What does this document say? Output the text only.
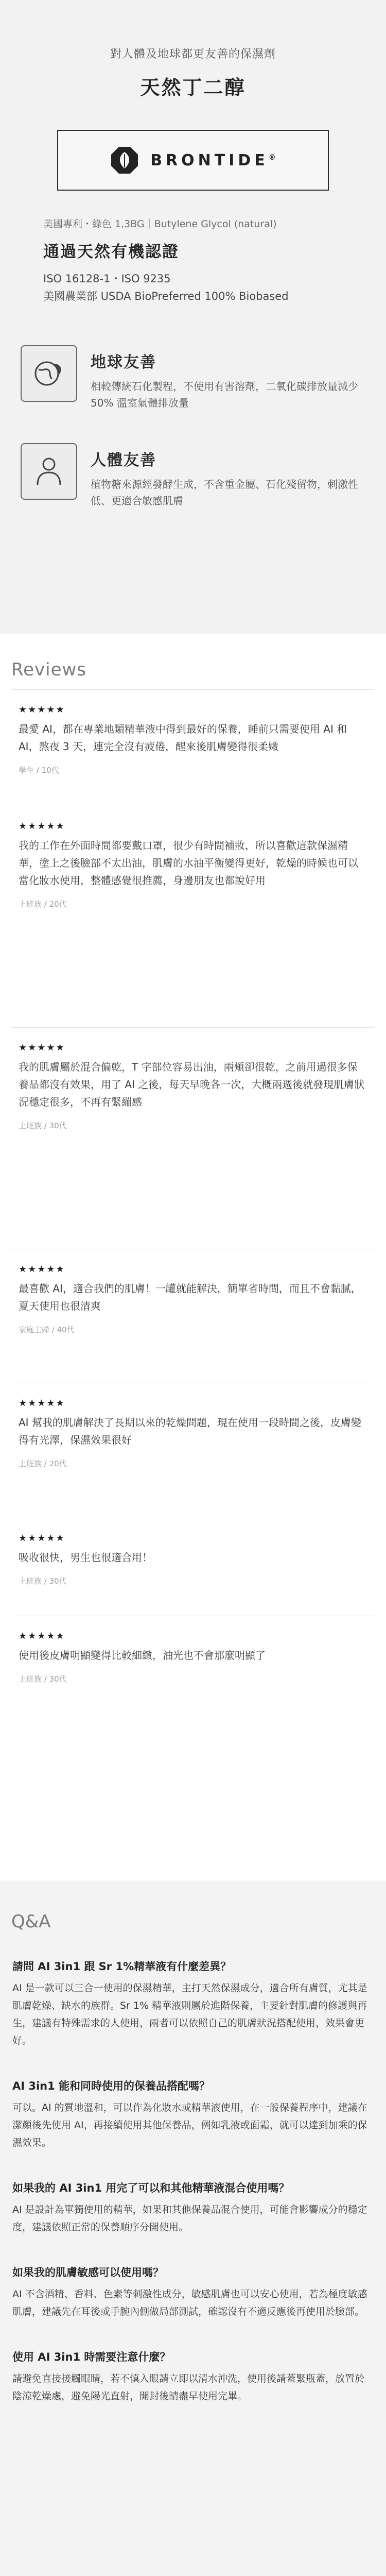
對人體及地球都更友善的保濕劑
天然丁二醇
BRONTIDE®
美國專利・綠色 1,3BG｜Butylene Glycol (natural)
通過天然有機認證
ISO 16128-1・ISO 9235
美國農業部 USDA BioPreferred 100% Biobased
地球友善

相較傳統石化製程，不使用有害溶劑，二氧化碳排放量減少 50% 溫室氣體排放量

人體友善

植物糖來源經發酵生成，不含重金屬、石化殘留物，刺激性低、更適合敏感肌膚

Reviews
★★★★★
最愛 AI，都在專業地類精華液中得到最好的保養，睡前只需要使用 AI 和 AI，熬夜 3 天，連完全沒有疲倦，醒來後肌膚變得很柔嫩
學生 / 10代
★★★★★
我的工作在外面時間都要戴口罩，很少有時間補妝，所以喜歡這款保濕精華，塗上之後臉部不太出油，肌膚的水油平衡變得更好，乾燥的時候也可以當化妝水使用，整體感覺很推薦，身邊朋友也都說好用
上班族 / 20代
★★★★★
我的肌膚屬於混合偏乾，T 字部位容易出油，兩頰卻很乾，之前用過很多保養品都沒有效果，用了 AI 之後，每天早晚各一次，大概兩週後就發現肌膚狀況穩定很多，不再有緊繃感
上班族 / 30代
★★★★★
最喜歡 AI，適合我們的肌膚！一罐就能解決，簡單省時間，而且不會黏膩，夏天使用也很清爽
家庭主婦 / 40代
★★★★★
AI 幫我的肌膚解決了長期以來的乾燥問題，現在使用一段時間之後，皮膚變得有光澤，保濕效果很好
上班族 / 20代
★★★★★
吸收很快，男生也很適合用！
上班族 / 30代
★★★★★
使用後皮膚明顯變得比較細緻，油光也不會那麼明顯了
上班族 / 30代
Q&A
請問 AI 3in1 跟 Sr 1%精華液有什麼差異？
AI 是一款可以三合一使用的保濕精華，主打天然保濕成分，適合所有膚質，尤其是肌膚乾燥、缺水的族群。Sr 1% 精華液則屬於進階保養，主要針對肌膚的修護與再生，建議有特殊需求的人使用，兩者可以依照自己的肌膚狀況搭配使用，效果會更好。
AI 3in1 能和同時使用的保養品搭配嗎？
可以。AI 的質地溫和，可以作為化妝水或精華液使用，在一般保養程序中，建議在潔顏後先使用 AI，再接續使用其他保養品，例如乳液或面霜，就可以達到加乘的保濕效果。
如果我的 AI 3in1 用完了可以和其他精華液混合使用嗎？
AI 是設計為單獨使用的精華，如果和其他保養品混合使用，可能會影響成分的穩定度，建議依照正常的保養順序分開使用。
如果我的肌膚敏感可以使用嗎？
AI 不含酒精、香料、色素等刺激性成分，敏感肌膚也可以安心使用，若為極度敏感肌膚，建議先在耳後或手腕內側做局部測試，確認沒有不適反應後再使用於臉部。
使用 AI 3in1 時需要注意什麼？
請避免直接接觸眼睛，若不慎入眼請立即以清水沖洗，使用後請蓋緊瓶蓋，放置於陰涼乾燥處，避免陽光直射，開封後請盡早使用完畢。
